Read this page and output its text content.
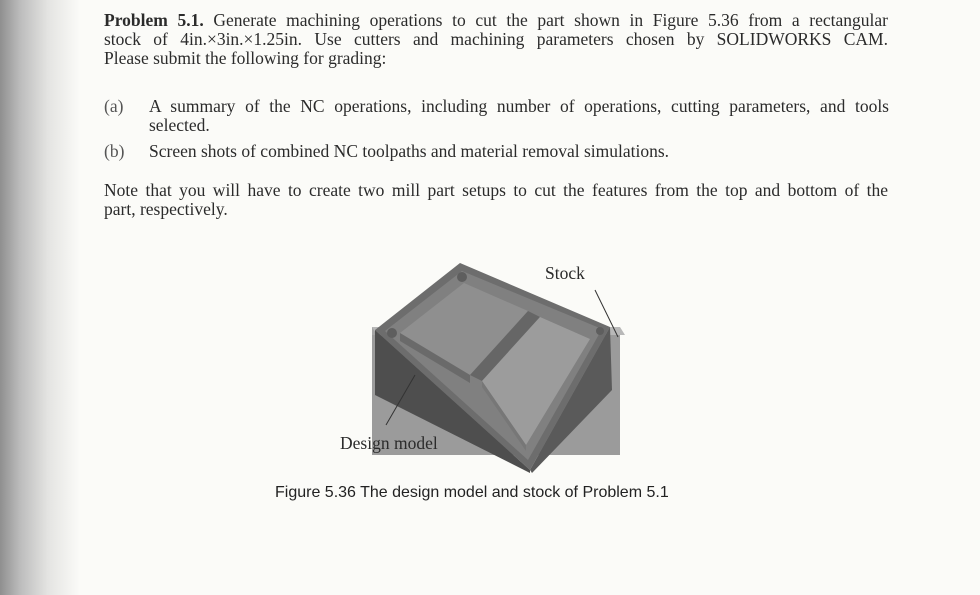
Problem 5.1. Generate machining operations to cut the part shown in Figure 5.36 from a rectangular
stock of 4in.×3in.×1.25in. Use cutters and machining parameters chosen by SOLIDWORKS CAM.
Please submit the following for grading:
(a) A summary of the NC operations, including number of operations, cutting parameters, and tools
selected.
(b) Screen shots of combined NC toolpaths and material removal simulations.
Note that you will have to create two mill part setups to cut the features from the top and bottom of the
part, respectively.
Stock
Design model
Figure 5.36 The design model and stock of Problem 5.1
